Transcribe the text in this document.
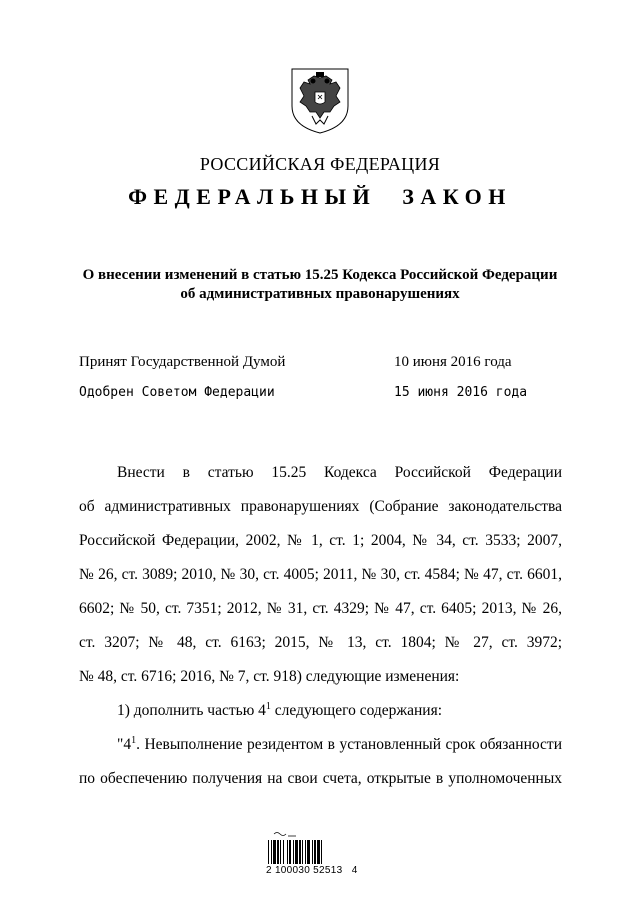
РОССИЙСКАЯ ФЕДЕРАЦИЯ
ФЕДЕРАЛЬНЫЙ ЗАКОН
О внесении изменений в статью 15.25 Кодекса Российской Федерации
об административных правонарушениях
Принят Государственной Думой	10 июня 2016 года
Одобрен Советом Федерации	15 июня 2016 года

Внести в статью 15.25 Кодекса Российской Федерации

об административных правонарушениях (Собрание законодательства

Российской Федерации, 2002, № 1, ст. 1; 2004, № 34, ст. 3533; 2007,

№ 26, ст. 3089; 2010, № 30, ст. 4005; 2011, № 30, ст. 4584; № 47, ст. 6601,

6602; № 50, ст. 7351; 2012, № 31, ст. 4329; № 47, ст. 6405; 2013, № 26,

ст. 3207; № 48, ст. 6163; 2015, № 13, ст. 1804; № 27, ст. 3972;

№ 48, ст. 6716; 2016, № 7, ст. 918) следующие изменения:

1) дополнить частью $4^1$ следующего содержания:

"$4^1$. Невыполнение резидентом в установленный срок обязанности

по обеспечению получения на свои счета, открытые в уполномоченных

2 100030 52513   4
